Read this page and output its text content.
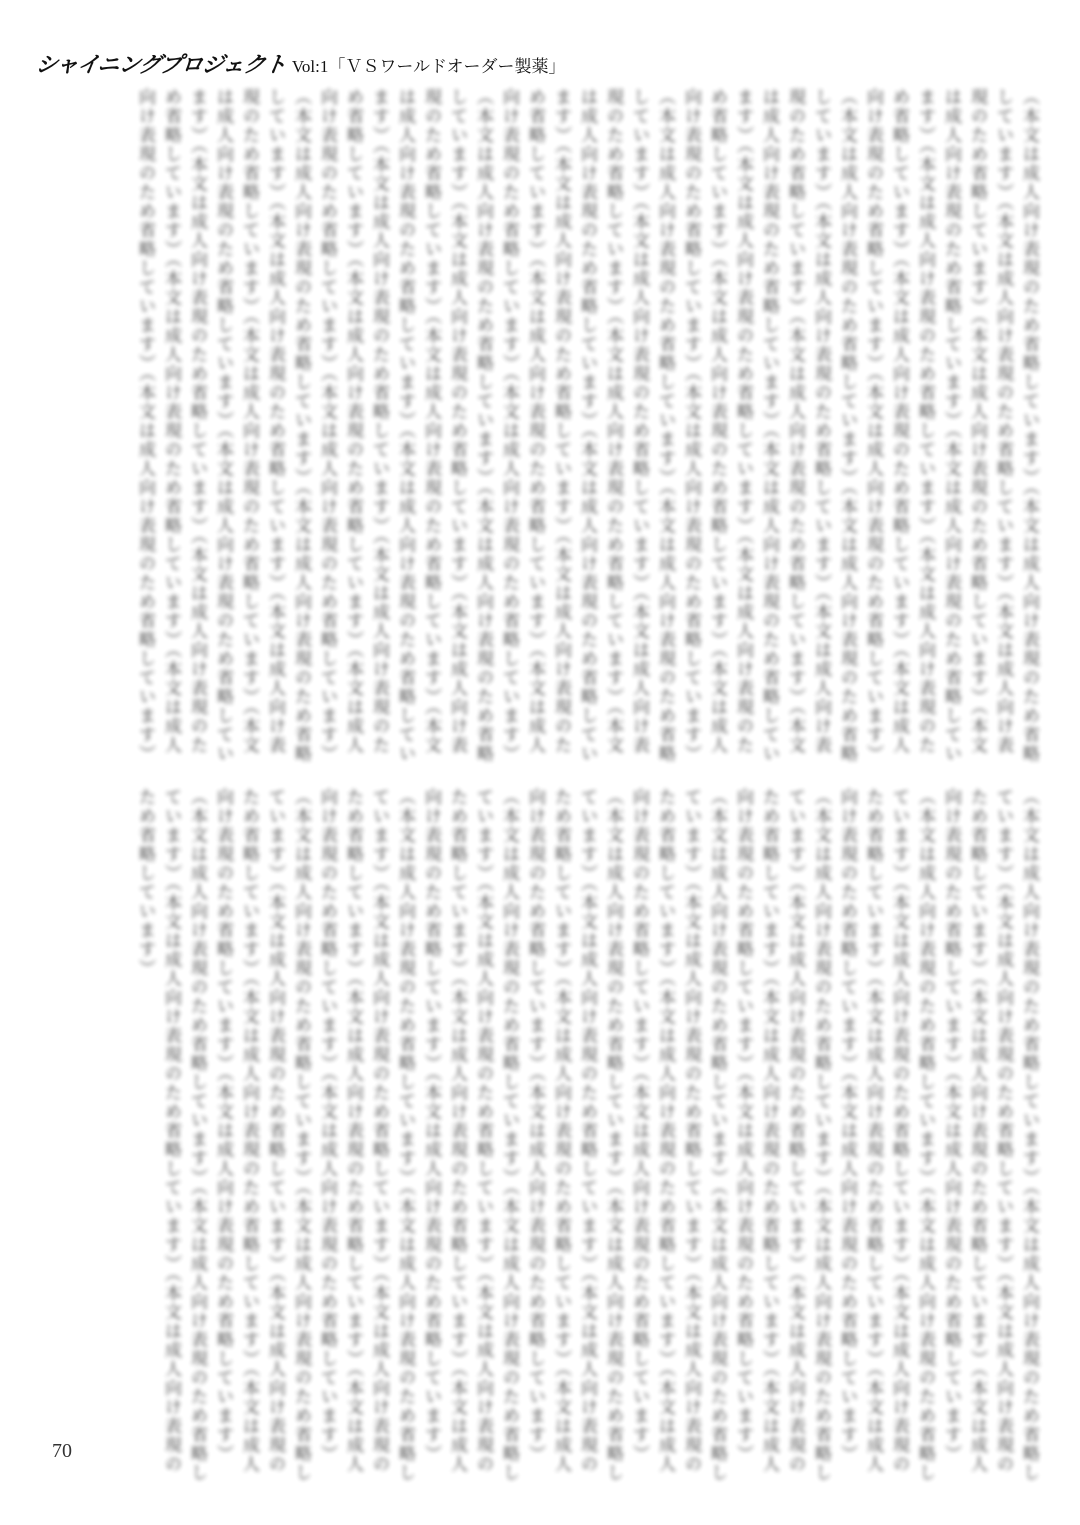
シャイニングプロジェクト Vol:1「ＶＳワールドオーダー製薬」
（本文は成人向け表現のため省略しています）（本文は成人向け表現のため省略しています）（本文は成人向け表現のため省略しています）（本文は成人向け表現のため省略しています）（本文は成人向け表現のため省略しています）（本文は成人向け表現のため省略しています）（本文は成人向け表現のため省略しています）（本文は成人向け表現のため省略しています）（本文は成人向け表現のため省略しています）（本文は成人向け表現のため省略しています）（本文は成人向け表現のため省略しています）（本文は成人向け表現のため省略しています）（本文は成人向け表現のため省略しています）（本文は成人向け表現のため省略しています）（本文は成人向け表現のため省略しています）（本文は成人向け表現のため省略しています）（本文は成人向け表現のため省略しています）（本文は成人向け表現のため省略しています）（本文は成人向け表現のため省略しています）（本文は成人向け表現のため省略しています）（本文は成人向け表現のため省略しています）（本文は成人向け表現のため省略しています）（本文は成人向け表現のため省略しています）（本文は成人向け表現のため省略しています）（本文は成人向け表現のため省略しています）（本文は成人向け表現のため省略しています）（本文は成人向け表現のため省略しています）（本文は成人向け表現のため省略しています）（本文は成人向け表現のため省略しています）（本文は成人向け表現のため省略しています）（本文は成人向け表現のため省略しています）（本文は成人向け表現のため省略しています）（本文は成人向け表現のため省略しています）（本文は成人向け表現のため省略しています）（本文は成人向け表現のため省略しています）（本文は成人向け表現のため省略しています）（本文は成人向け表現のため省略しています）（本文は成人向け表現のため省略しています）（本文は成人向け表現のため省略しています）（本文は成人向け表現のため省略しています）（本文は成人向け表現のため省略しています）（本文は成人向け表現のため省略しています）（本文は成人向け表現のため省略しています）（本文は成人向け表現のため省略しています）（本文は成人向け表現のため省略しています）（本文は成人向け表現のため省略しています）（本文は成人向け表現のため省略しています）（本文は成人向け表現のため省略しています）（本文は成人向け表現のため省略しています）（本文は成人向け表現のため省略しています）（本文は成人向け表現のため省略しています）（本文は成人向け表現のため省略しています）（本文は成人向け表現のため省略しています）（本文は成人向け表現のため省略しています）（本文は成人向け表現のため省略しています）（本文は成人向け表現のため省略しています）（本文は成人向け表現のため省略しています）（本文は成人向け表現のため省略しています）（本文は成人向け表現のため省略しています）（本文は成人向け表現のため省略しています）
（本文は成人向け表現のため省略しています）（本文は成人向け表現のため省略しています）（本文は成人向け表現のため省略しています）（本文は成人向け表現のため省略しています）（本文は成人向け表現のため省略しています）（本文は成人向け表現のため省略しています）（本文は成人向け表現のため省略しています）（本文は成人向け表現のため省略しています）（本文は成人向け表現のため省略しています）（本文は成人向け表現のため省略しています）（本文は成人向け表現のため省略しています）（本文は成人向け表現のため省略しています）（本文は成人向け表現のため省略しています）（本文は成人向け表現のため省略しています）（本文は成人向け表現のため省略しています）（本文は成人向け表現のため省略しています）（本文は成人向け表現のため省略しています）（本文は成人向け表現のため省略しています）（本文は成人向け表現のため省略しています）（本文は成人向け表現のため省略しています）（本文は成人向け表現のため省略しています）（本文は成人向け表現のため省略しています）（本文は成人向け表現のため省略しています）（本文は成人向け表現のため省略しています）（本文は成人向け表現のため省略しています）（本文は成人向け表現のため省略しています）（本文は成人向け表現のため省略しています）（本文は成人向け表現のため省略しています）（本文は成人向け表現のため省略しています）（本文は成人向け表現のため省略しています）（本文は成人向け表現のため省略しています）（本文は成人向け表現のため省略しています）（本文は成人向け表現のため省略しています）（本文は成人向け表現のため省略しています）（本文は成人向け表現のため省略しています）（本文は成人向け表現のため省略しています）（本文は成人向け表現のため省略しています）（本文は成人向け表現のため省略しています）（本文は成人向け表現のため省略しています）（本文は成人向け表現のため省略しています）（本文は成人向け表現のため省略しています）（本文は成人向け表現のため省略しています）（本文は成人向け表現のため省略しています）（本文は成人向け表現のため省略しています）（本文は成人向け表現のため省略しています）（本文は成人向け表現のため省略しています）（本文は成人向け表現のため省略しています）（本文は成人向け表現のため省略しています）（本文は成人向け表現のため省略しています）（本文は成人向け表現のため省略しています）（本文は成人向け表現のため省略しています）（本文は成人向け表現のため省略しています）（本文は成人向け表現のため省略しています）（本文は成人向け表現のため省略しています）（本文は成人向け表現のため省略しています）（本文は成人向け表現のため省略しています）（本文は成人向け表現のため省略しています）（本文は成人向け表現のため省略しています）（本文は成人向け表現のため省略しています）（本文は成人向け表現のため省略しています）
70
